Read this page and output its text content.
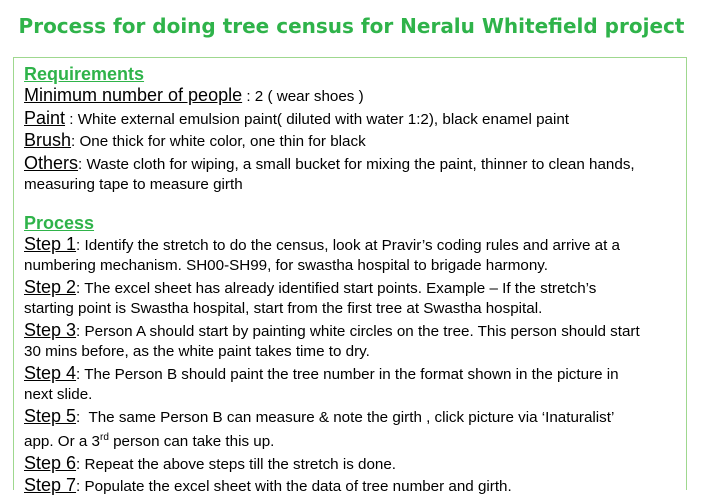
Process for doing tree census for Neralu Whitefield project
Requirements
Minimum number of people : 2 ( wear shoes )
Paint : White external emulsion paint( diluted with water 1:2), black enamel paint
Brush: One thick for white color, one thin for black
Others: Waste cloth for wiping, a small bucket for mixing the paint, thinner to clean hands,
measuring tape to measure girth
Process
Step 1: Identify the stretch to do the census, look at Pravir’s coding rules and arrive at a
numbering mechanism. SH00-SH99, for swastha hospital to brigade harmony.
Step 2: The excel sheet has already identified start points. Example – If the stretch’s
starting point is Swastha hospital, start from the first tree at Swastha hospital.
Step 3: Person A should start by painting white circles on the tree. This person should start
30 mins before, as the white paint takes time to dry.
Step 4: The Person B should paint the tree number in the format shown in the picture in
next slide.
Step 5:  The same Person B can measure & note the girth , click picture via ‘Inaturalist’
app. Or a 3rd person can take this up.
Step 6: Repeat the above steps till the stretch is done.
Step 7: Populate the excel sheet with the data of tree number and girth.
